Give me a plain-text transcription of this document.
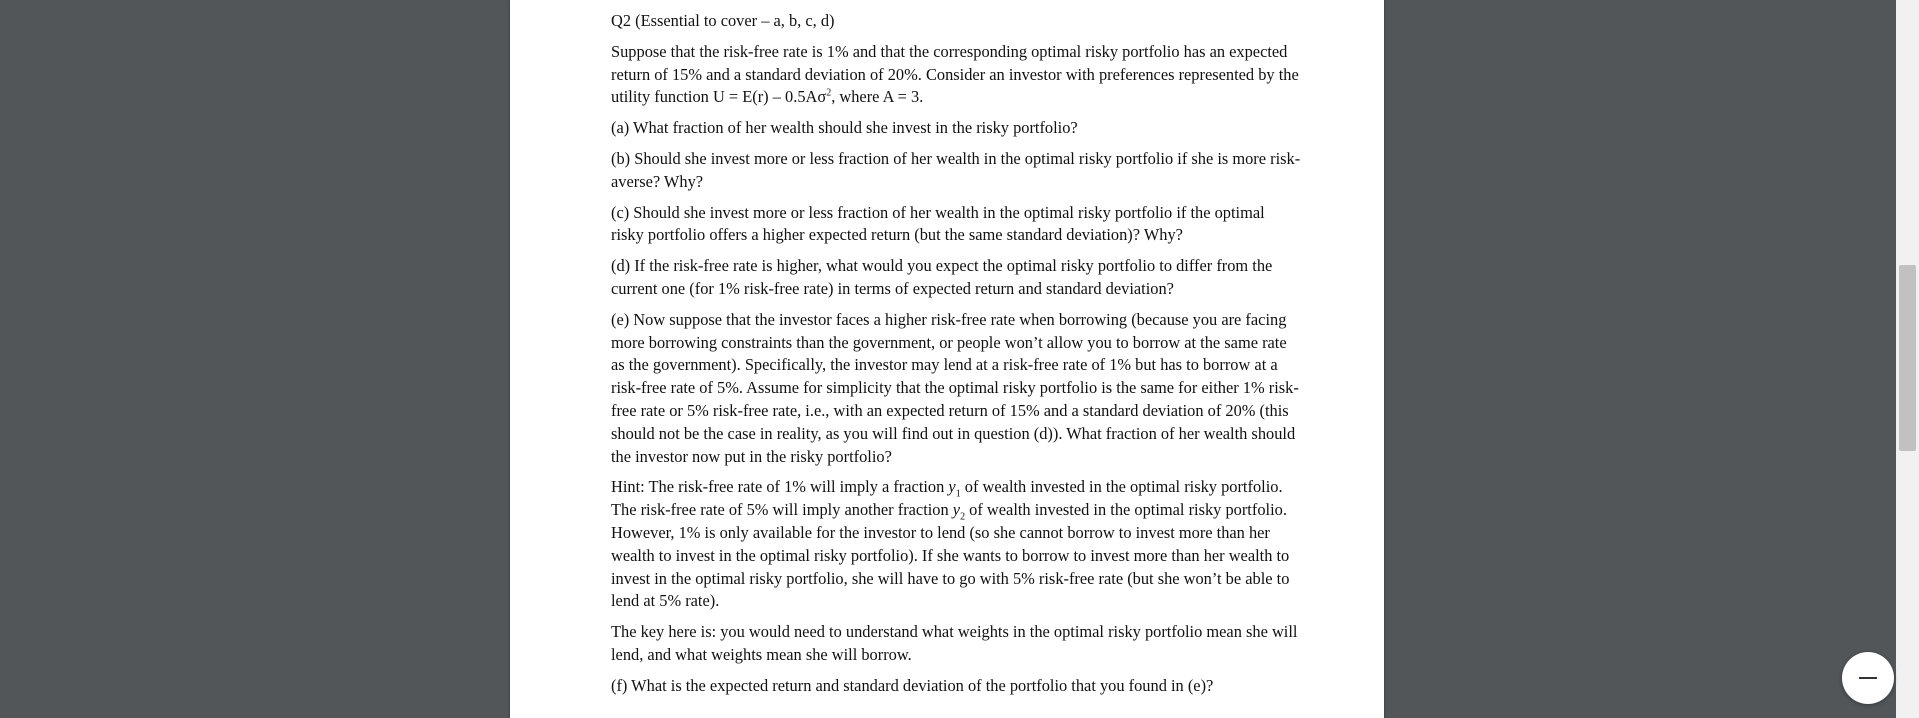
Q2 (Essential to cover – a, b, c, d)

Suppose that the risk-free rate is 1% and that the corresponding optimal risky portfolio has an expected return of 15% and a standard deviation of 20%. Consider an investor with preferences represented by the utility function $U = E(r) - 0.5A\sigma^2$, where A = 3.

(a) What fraction of her wealth should she invest in the risky portfolio?

(b) Should she invest more or less fraction of her wealth in the optimal risky portfolio if she is more risk-averse? Why?

(c) Should she invest more or less fraction of her wealth in the optimal risky portfolio if the optimal risky portfolio offers a higher expected return (but the same standard deviation)? Why?

(d) If the risk-free rate is higher, what would you expect the optimal risky portfolio to differ from the current one (for 1% risk-free rate) in terms of expected return and standard deviation?

(e) Now suppose that the investor faces a higher risk-free rate when borrowing (because you are facing more borrowing constraints than the government, or people won’t allow you to borrow at the same rate as the government). Specifically, the investor may lend at a risk-free rate of 1% but has to borrow at a risk-free rate of 5%. Assume for simplicity that the optimal risky portfolio is the same for either 1% risk-free rate or 5% risk-free rate, i.e., with an expected return of 15% and a standard deviation of 20% (this should not be the case in reality, as you will find out in question (d)). What fraction of her wealth should the investor now put in the risky portfolio?

Hint: The risk-free rate of 1% will imply a fraction $y_1$ of wealth invested in the optimal risky portfolio. The risk-free rate of 5% will imply another fraction $y_2$ of wealth invested in the optimal risky portfolio. However, 1% is only available for the investor to lend (so she cannot borrow to invest more than her wealth to invest in the optimal risky portfolio). If she wants to borrow to invest more than her wealth to invest in the optimal risky portfolio, she will have to go with 5% risk-free rate (but she won’t be able to lend at 5% rate).

The key here is: you would need to understand what weights in the optimal risky portfolio mean she will lend, and what weights mean she will borrow.

(f) What is the expected return and standard deviation of the portfolio that you found in (e)?
